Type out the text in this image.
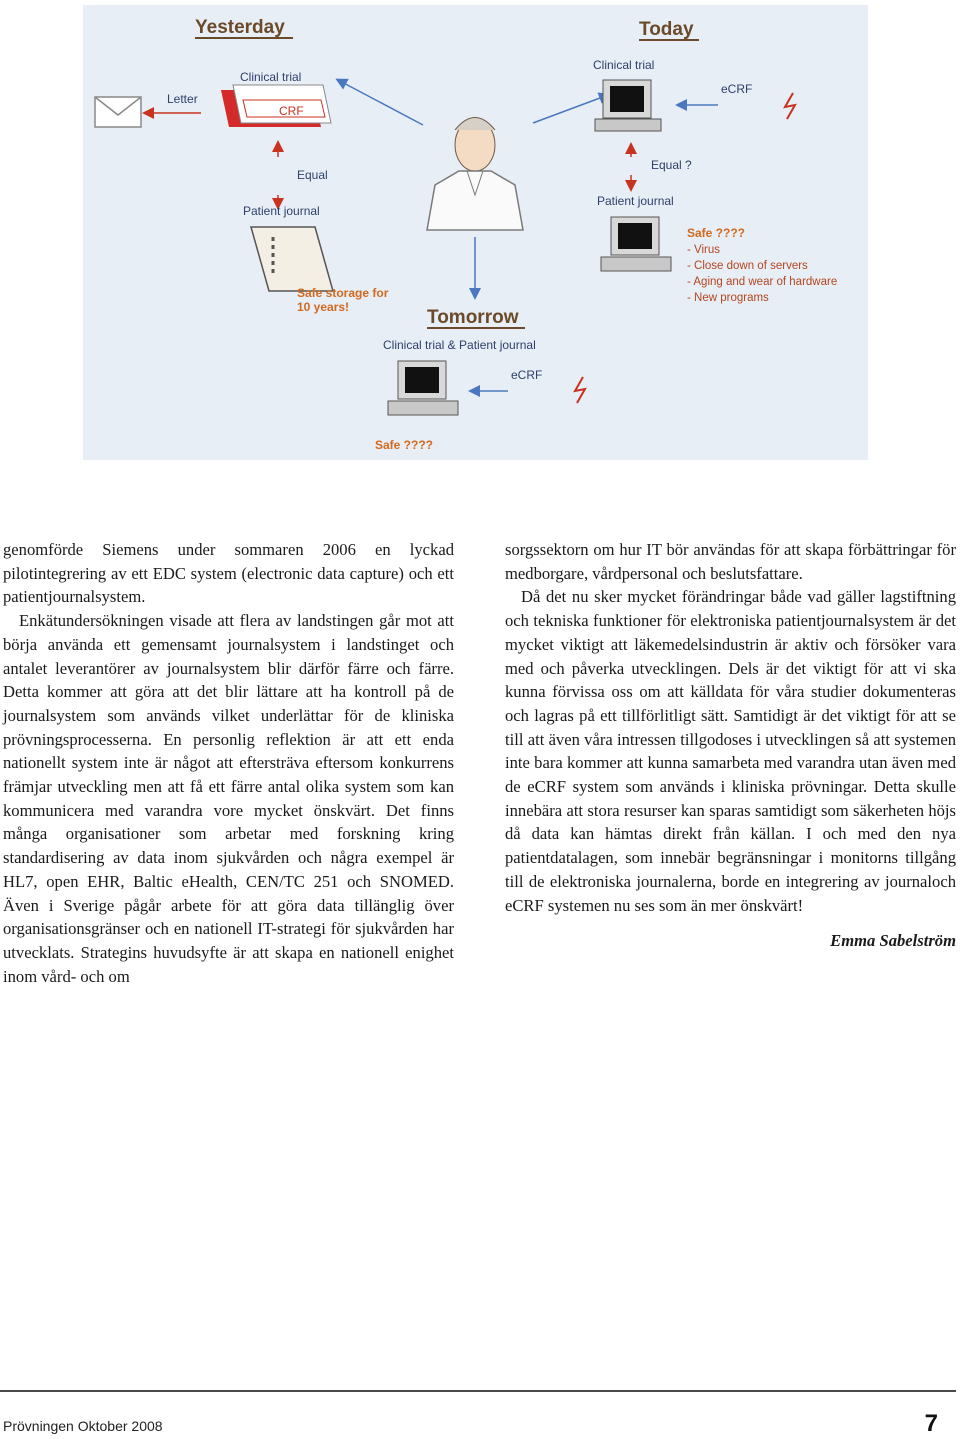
Yesterday
Clinical trial
Letter
CRF
Equal
Patient journal
Safe storage for
10 years!
Today
Clinical trial
eCRF
Equal ?
Patient journal
Safe ????
- Virus
- Close down of servers
- Aging and wear of hardware
- New programs
Tomorrow
Clinical trial & Patient journal
eCRF
Safe ????

genomförde Siemens under sommaren 2006 en lyckad pilotintegrering av ett EDC system (electronic data capture) och ett patientjournalsystem.

Enkätundersökningen visade att flera av landstingen går mot att börja använda ett gemensamt journalsystem i landstinget och antalet leverantörer av journalsystem blir därför färre och färre. Detta kommer att göra att det blir lättare att ha kontroll på de journalsystem som används vilket underlättar för de kliniska prövningsprocesserna. En personlig reflektion är att ett enda nationellt system inte är något att eftersträva eftersom konkurrens främjar utveckling men att få ett färre antal olika system som kan kommunicera med varandra vore mycket önskvärt. Det finns många organisationer som arbetar med forskning kring standardisering av data inom sjukvården och några exempel är HL7, open EHR, Baltic eHealth, CEN/TC 251 och SNOMED. Även i Sverige pågår arbete för att göra data tillänglig över organisationsgränser och en nationell IT-strategi för sjukvården har utvecklats. Strategins huvudsyfte är att skapa en nationell enighet inom vård- och om

sorgssektorn om hur IT bör användas för att skapa förbättringar för medborgare, vårdpersonal och beslutsfattare.

Då det nu sker mycket förändringar både vad gäller lagstiftning och tekniska funktioner för elektroniska patientjournalsystem är det mycket viktigt att läkemedelsindustrin är aktiv och försöker vara med och påverka utvecklingen. Dels är det viktigt för att vi ska kunna förvissa oss om att källdata för våra studier dokumenteras och lagras på ett tillförlitligt sätt. Samtidigt är det viktigt för att se till att även våra intressen tillgodoses i utvecklingen så att systemen inte bara kommer att kunna samarbeta med varandra utan även med de eCRF system som används i kliniska prövningar. Detta skulle innebära att stora resurser kan sparas samtidigt som säkerheten höjs då data kan hämtas direkt från källan. I och med den nya patientdatalagen, som innebär begränsningar i monitorns tillgång till de elektroniska journalerna, borde en integrering av journaloch eCRF systemen nu ses som än mer önskvärt!

Emma Sabelström

Prövningen Oktober 2008	7
